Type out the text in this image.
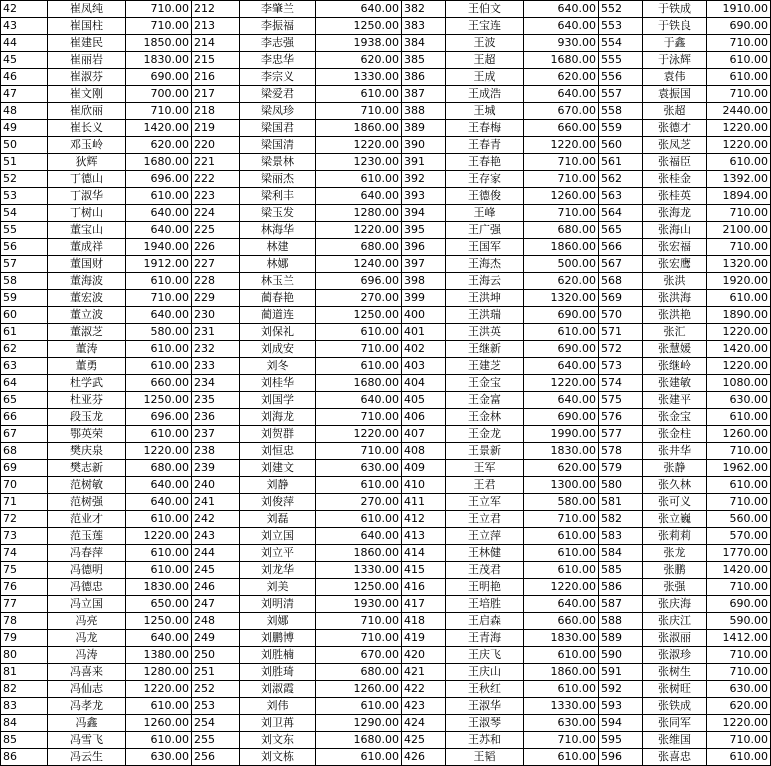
42	崔凤纯	710.00	212	李肇兰	640.00	382	王伯文	640.00	552	于铁成	1910.00
43	崔国柱	710.00	213	李振福	1250.00	383	王宝连	640.00	553	于铁良	690.00
44	崔建民	1850.00	214	李志强	1938.00	384	王波	930.00	554	于鑫	710.00
45	崔丽岩	1830.00	215	李忠华	620.00	385	王超	1680.00	555	于泳辉	610.00
46	崔淑芬	690.00	216	李宗义	1330.00	386	王成	620.00	556	袁伟	610.00
47	崔文刚	700.00	217	梁爱君	610.00	387	王成浩	640.00	557	袁振国	710.00
48	崔欣丽	710.00	218	梁凤珍	710.00	388	王城	670.00	558	张超	2440.00
49	崔长义	1420.00	219	梁国君	1860.00	389	王春梅	660.00	559	张德才	1220.00
50	邓玉岭	620.00	220	梁国清	1220.00	390	王春青	1220.00	560	张凤芝	1220.00
51	狄辉	1680.00	221	梁景林	1230.00	391	王春艳	710.00	561	张福臣	610.00
52	丁德山	696.00	222	梁丽杰	610.00	392	王存家	710.00	562	张桂金	1392.00
53	丁淑华	610.00	223	梁利丰	640.00	393	王德俊	1260.00	563	张桂英	1894.00
54	丁树山	640.00	224	梁玉发	1280.00	394	王峰	710.00	564	张海龙	710.00
55	董宝山	640.00	225	林海华	1220.00	395	王广强	680.00	565	张海山	2100.00
56	董成祥	1940.00	226	林建	680.00	396	王国军	1860.00	566	张宏福	710.00
57	董国财	1912.00	227	林娜	1240.00	397	王海杰	500.00	567	张宏鹰	1320.00
58	董海波	610.00	228	林玉兰	696.00	398	王海云	620.00	568	张洪	1920.00
59	董宏波	710.00	229	蔺春艳	270.00	399	王洪坤	1320.00	569	张洪海	610.00
60	董立波	640.00	230	蔺道连	1250.00	400	王洪瑞	690.00	570	张洪艳	1890.00
61	董淑芝	580.00	231	刘保礼	610.00	401	王洪英	610.00	571	张汇	1220.00
62	董涛	610.00	232	刘成安	710.00	402	王继新	690.00	572	张慧媛	1420.00
63	董勇	610.00	233	刘冬	610.00	403	王建芝	640.00	573	张继岭	1220.00
64	杜学武	660.00	234	刘桂华	1680.00	404	王金宝	1220.00	574	张建敏	1080.00
65	杜亚芬	1250.00	235	刘国学	640.00	405	王金富	640.00	575	张建平	630.00
66	段玉龙	696.00	236	刘海龙	710.00	406	王金林	690.00	576	张金宝	610.00
67	鄂英荣	610.00	237	刘贺群	1220.00	407	王金龙	1990.00	577	张金柱	1260.00
68	樊庆泉	1220.00	238	刘恒忠	710.00	408	王景新	1830.00	578	张井华	710.00
69	樊志新	680.00	239	刘建文	630.00	409	王军	620.00	579	张静	1962.00
70	范树敏	640.00	240	刘静	610.00	410	王君	1300.00	580	张久林	610.00
71	范树强	640.00	241	刘俊萍	270.00	411	王立军	580.00	581	张可义	710.00
72	范业才	610.00	242	刘磊	610.00	412	王立君	710.00	582	张立巍	560.00
73	范玉莲	1220.00	243	刘立国	640.00	413	王立萍	610.00	583	张莉莉	570.00
74	冯春萍	610.00	244	刘立平	1860.00	414	王林健	610.00	584	张龙	1770.00
75	冯德明	610.00	245	刘龙华	1330.00	415	王茂君	610.00	585	张鹏	1420.00
76	冯德忠	1830.00	246	刘美	1250.00	416	王明艳	1220.00	586	张强	710.00
77	冯立国	650.00	247	刘明清	1930.00	417	王培胜	640.00	587	张庆海	690.00
78	冯亮	1250.00	248	刘娜	710.00	418	王启森	660.00	588	张庆江	590.00
79	冯龙	640.00	249	刘鹏博	710.00	419	王青海	1830.00	589	张淑丽	1412.00
80	冯涛	1380.00	250	刘胜楠	670.00	420	王庆飞	610.00	590	张淑珍	710.00
81	冯喜来	1280.00	251	刘胜琦	680.00	421	王庆山	1860.00	591	张树生	710.00
82	冯仙志	1220.00	252	刘淑霞	1260.00	422	王秋红	610.00	592	张树旺	630.00
83	冯孝龙	610.00	253	刘伟	610.00	423	王淑华	1330.00	593	张铁成	620.00
84	冯鑫	1260.00	254	刘卫苒	1290.00	424	王淑琴	630.00	594	张同军	1220.00
85	冯雪飞	610.00	255	刘文东	1680.00	425	王苏和	710.00	595	张维国	710.00
86	冯云生	630.00	256	刘文栋	610.00	426	王韬	610.00	596	张喜忠	610.00
